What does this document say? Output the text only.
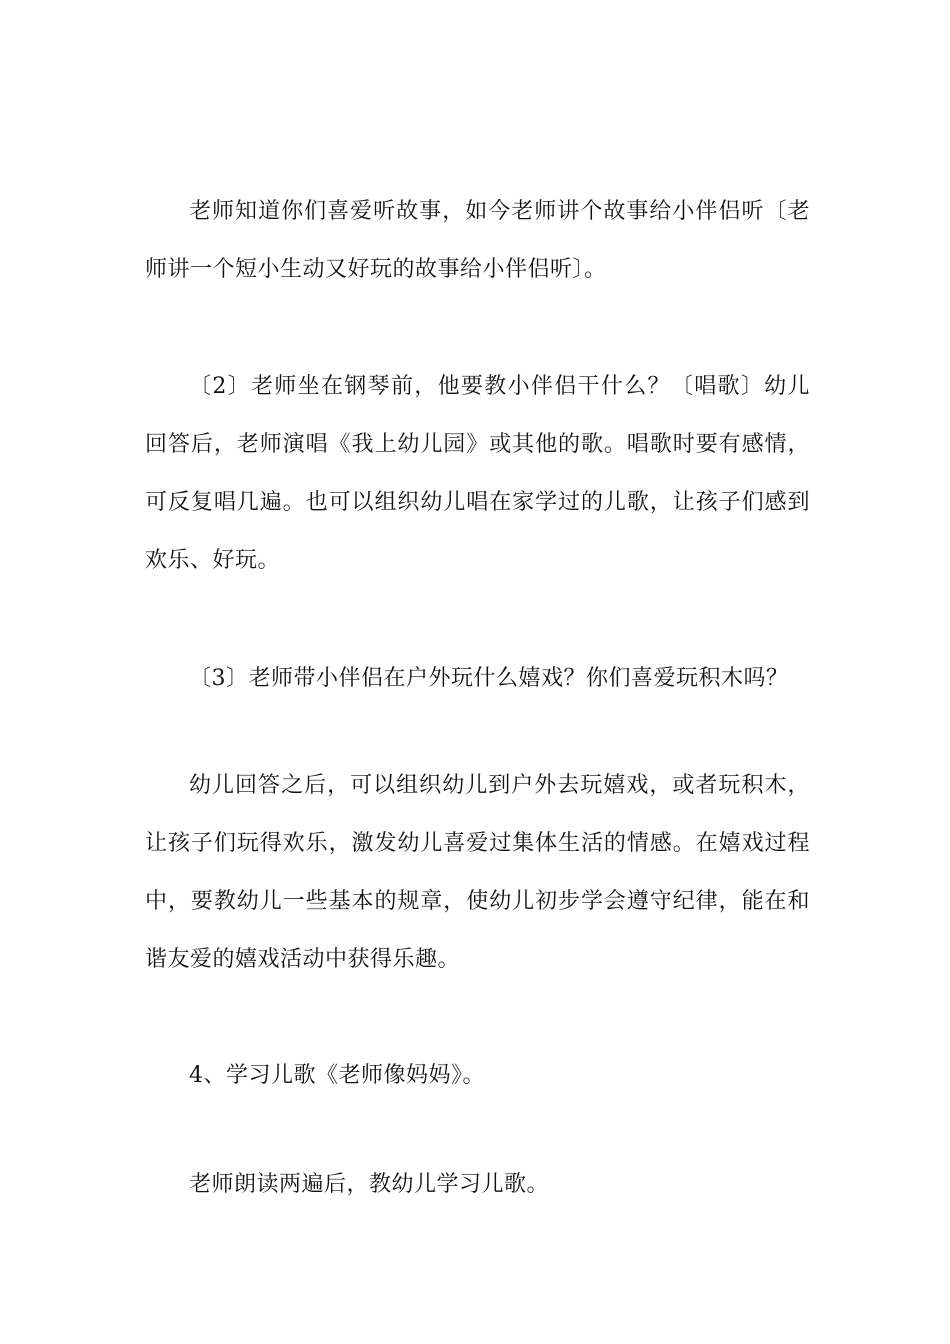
老师知道你们喜爱听故事，如今老师讲个故事给小伴侣听〔老师讲一个短小生动又好玩的故事给小伴侣听〕。

〔2〕老师坐在钢琴前，他要教小伴侣干什么？〔唱歌〕幼儿回答后，老师演唱《我上幼儿园》或其他的歌。唱歌时要有感情，可反复唱几遍。也可以组织幼儿唱在家学过的儿歌，让孩子们感到欢乐、好玩。

〔3〕老师带小伴侣在户外玩什么嬉戏？你们喜爱玩积木吗？

幼儿回答之后，可以组织幼儿到户外去玩嬉戏，或者玩积木，让孩子们玩得欢乐，激发幼儿喜爱过集体生活的情感。在嬉戏过程中，要教幼儿一些基本的规章，使幼儿初步学会遵守纪律，能在和谐友爱的嬉戏活动中获得乐趣。

4、学习儿歌《老师像妈妈》。

老师朗读两遍后，教幼儿学习儿歌。
